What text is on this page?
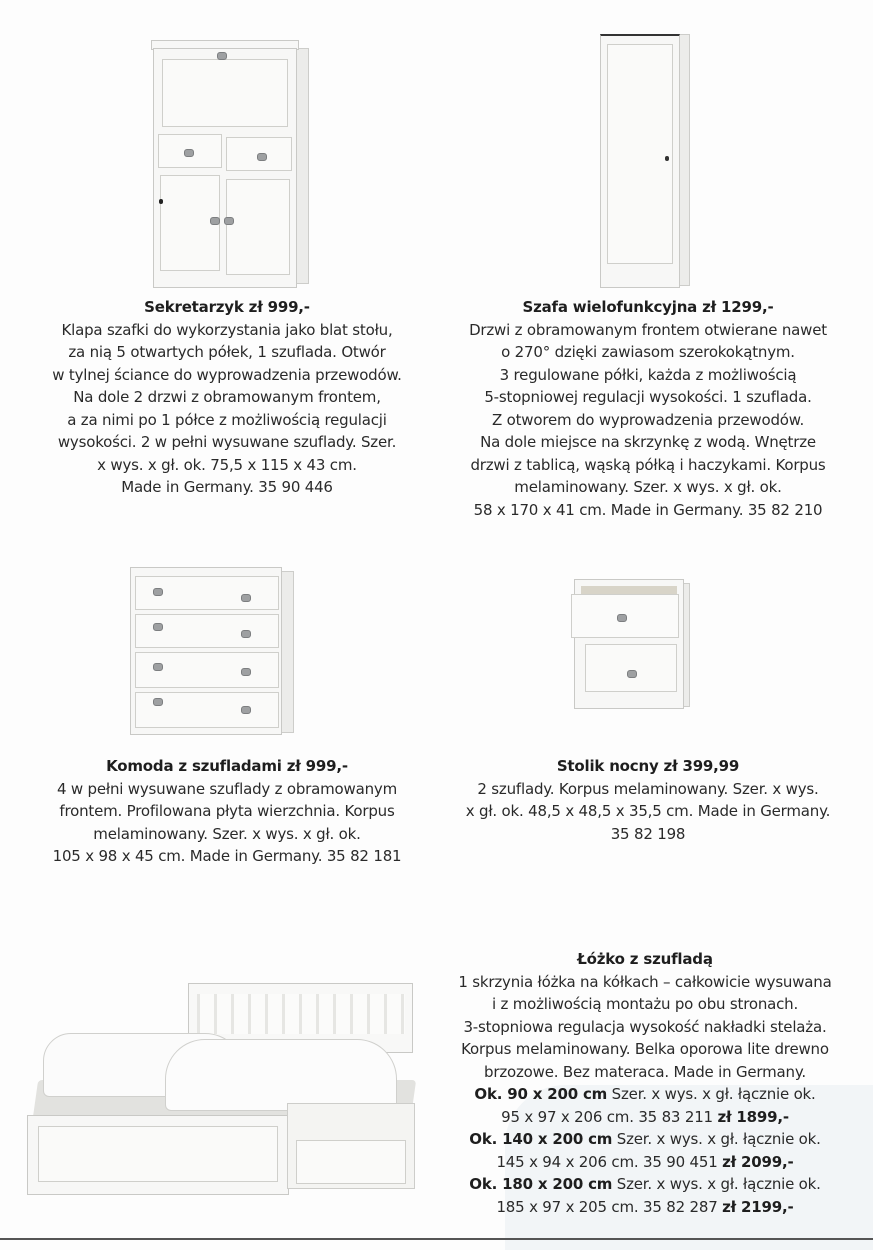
Sekretarzyk zł 999,-
Klapa szafki do wykorzystania jako blat stołu,
za nią 5 otwartych półek, 1 szuflada. Otwór
w tylnej ściance do wyprowadzenia przewodów.
Na dole 2 drzwi z obramowanym frontem,
a za nimi po 1 półce z możliwością regulacji
wysokości. 2 w pełni wysuwane szuflady. Szer.
x wys. x gł. ok. 75,5 x 115 x 43 cm.
Made in Germany. 35 90 446
Szafa wielofunkcyjna zł 1299,-
Drzwi z obramowanym frontem otwierane nawet
o 270° dzięki zawiasom szerokokątnym.
3 regulowane półki, każda z możliwością
5-stopniowej regulacji wysokości. 1 szuflada.
Z otworem do wyprowadzenia przewodów.
Na dole miejsce na skrzynkę z wodą. Wnętrze
drzwi z tablicą, wąską półką i haczykami. Korpus
melaminowany. Szer. x wys. x gł. ok.
58 x 170 x 41 cm. Made in Germany. 35 82 210
Komoda z szufladami zł 999,-
4 w pełni wysuwane szuflady z obramowanym
frontem. Profilowana płyta wierzchnia. Korpus
melaminowany. Szer. x wys. x gł. ok.
105 x 98 x 45 cm. Made in Germany. 35 82 181
Stolik nocny zł 399,99
2 szuflady. Korpus melaminowany. Szer. x wys.
x gł. ok. 48,5 x 48,5 x 35,5 cm. Made in Germany.
35 82 198
Łóżko z szufladą
1 skrzynia łóżka na kółkach – całkowicie wysuwana
i z możliwością montażu po obu stronach.
3-stopniowa regulacja wysokość nakładki stelaża.
Korpus melaminowany. Belka oporowa lite drewno
brzozowe. Bez materaca. Made in Germany.
Ok. 90 x 200 cm Szer. x wys. x gł. łącznie ok.
95 x 97 x 206 cm. 35 83 211 zł 1899,-
Ok. 140 x 200 cm Szer. x wys. x gł. łącznie ok.
145 x 94 x 206 cm. 35 90 451 zł 2099,-
Ok. 180 x 200 cm Szer. x wys. x gł. łącznie ok.
185 x 97 x 205 cm. 35 82 287 zł 2199,-
